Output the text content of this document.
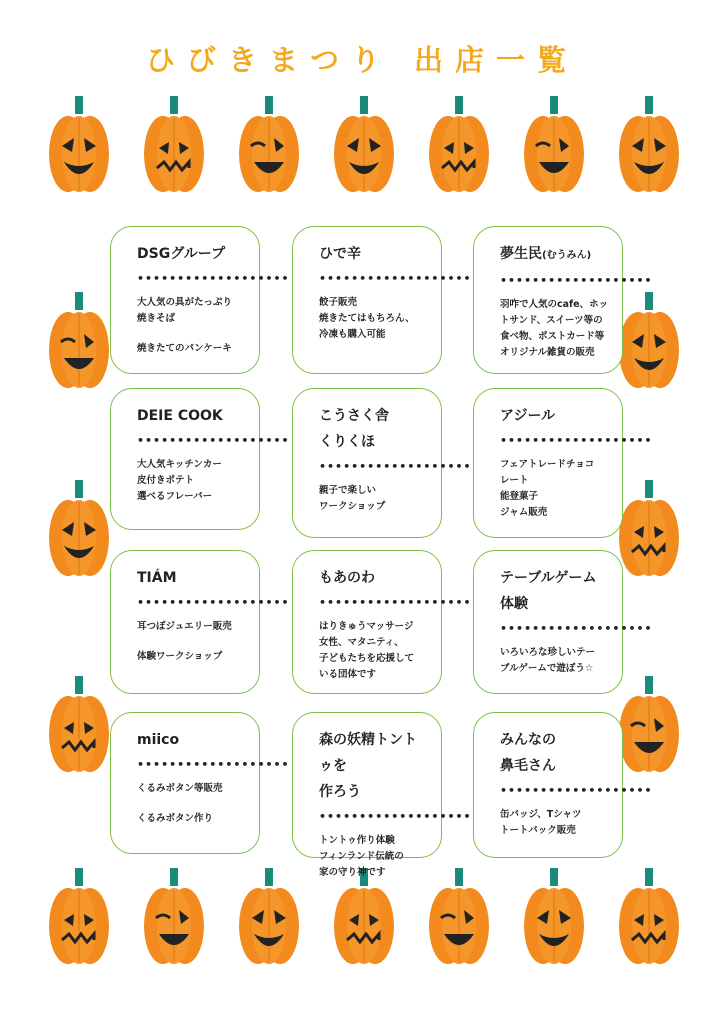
ひびきまつり 出店一覧
DSGグループ
•••••••••••••••••••
大人気の具がたっぷり
焼きそば
焼きたてのパンケーキ
ひで辛
•••••••••••••••••••
餃子販売
焼きたてはもちろん、
冷凍も購入可能
夢生民(むうみん)
•••••••••••••••••••
羽咋で人気のcafe、ホッ
トサンド、スイーツ等の
食べ物、ポストカード等
オリジナル雑貨の販売
DEIE COOK
•••••••••••••••••••
大人気キッチンカー
皮付きポテト
選べるフレーバー
こうさく舎
くりくほ
•••••••••••••••••••
親子で楽しい
ワークショップ
アジール
•••••••••••••••••••
フェアトレードチョコ
レート
能登菓子
ジャム販売
TIÁM
•••••••••••••••••••
耳つぼジュエリー販売
体験ワークショップ
もあのわ
•••••••••••••••••••
はりきゅうマッサージ
女性、マタニティ、
子どもたちを応援して
いる団体です
テーブルゲーム
体験
•••••••••••••••••••
いろいろな珍しいテー
ブルゲームで遊ぼう☆
miico
•••••••••••••••••••
くるみボタン等販売
くるみボタン作り
森の妖精トントゥを
作ろう
•••••••••••••••••••
トントゥ作り体験
フィンランド伝統の
家の守り神です
みんなの
鼻毛さん
•••••••••••••••••••
缶バッジ、Tシャツ
トートバック販売
